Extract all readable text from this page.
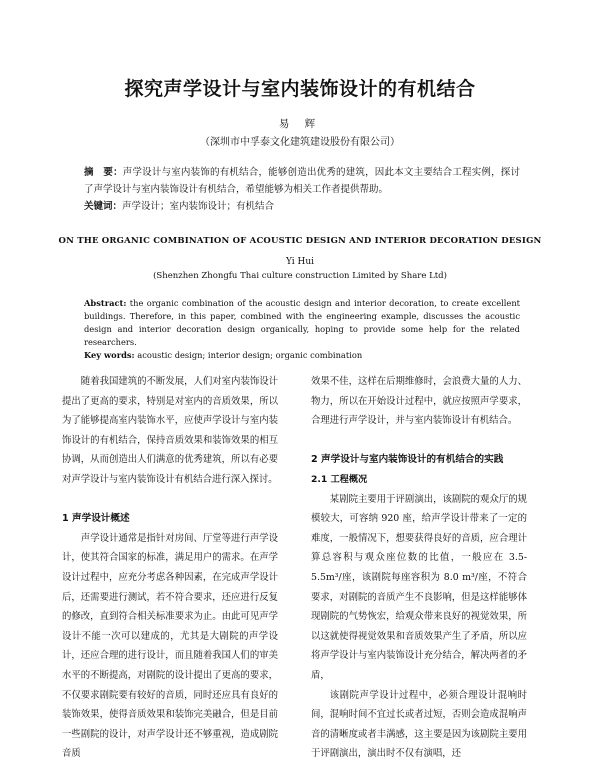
探究声学设计与室内装饰设计的有机结合
易 辉
（深圳市中孚泰文化建筑建设股份有限公司）
摘　要：声学设计与室内装饰的有机结合，能够创造出优秀的建筑，因此本文主要结合工程实例，探讨了声学设计与室内装饰设计有机结合，希望能够为相关工作者提供帮助。
关键词：声学设计；室内装饰设计；有机结合
ON THE ORGANIC COMBINATION OF ACOUSTIC DESIGN AND INTERIOR DECORATION DESIGN
Yi Hui
(Shenzhen Zhongfu Thai culture construction Limited by Share Ltd)
Abstract: the organic combination of the acoustic design and interior decoration, to create excellent buildings. Therefore, in this paper, combined with the engineering example, discusses the acoustic design and interior decoration design organically, hoping to provide some help for the related researchers.
Key words: acoustic design; interior design; organic combination

随着我国建筑的不断发展，人们对室内装饰设计提出了更高的要求，特别是对室内的音质效果，所以为了能够提高室内装饰水平，应使声学设计与室内装饰设计的有机结合，保持音质效果和装饰效果的相互协调，从而创造出人们满意的优秀建筑，所以有必要对声学设计与室内装饰设计有机结合进行深入探讨。

1 声学设计概述

声学设计通常是指针对房间、厅堂等进行声学设计，使其符合国家的标准，满足用户的需求。在声学设计过程中，应充分考虑各种因素，在完成声学设计后，还需要进行测试，若不符合要求，还应进行反复的修改，直到符合相关标准要求为止。由此可见声学设计不能一次可以建成的，尤其是大剧院的声学设计，还应合理的进行设计，而且随着我国人们的审美水平的不断提高，对剧院的设计提出了更高的要求，不仅要求剧院要有较好的音质，同时还应具有良好的装饰效果，使得音质效果和装饰完美融合，但是目前一些剧院的设计，对声学设计还不够重视，造成剧院音质

效果不佳，这样在后期维修时，会浪费大量的人力、物力，所以在开始设计过程中，就应按照声学要求，合理进行声学设计，并与室内装饰设计有机结合。

2 声学设计与室内装饰设计的有机结合的实践
2.1 工程概况

某剧院主要用于评剧演出，该剧院的观众厅的规模较大，可容纳 920 座，给声学设计带来了一定的难度，一般情况下，想要获得良好的音质，应合理计算总容积与观众座位数的比值，一般应在 3.5-5.5m³/座，该剧院每座容积为 8.0 m³/座，不符合要求，对剧院的音质产生不良影响，但是这样能够体现剧院的气势恢宏，给观众带来良好的视觉效果，所以这就使得视觉效果和音质效果产生了矛盾，所以应将声学设计与室内装饰设计充分结合，解决两者的矛盾，

该剧院声学设计过程中，必须合理设计混响时间，混响时间不宜过长或者过短，否则会造成混响声音的清晰度或者丰满感，这主要是因为该剧院主要用于评剧演出，演出时不仅有演唱，还
